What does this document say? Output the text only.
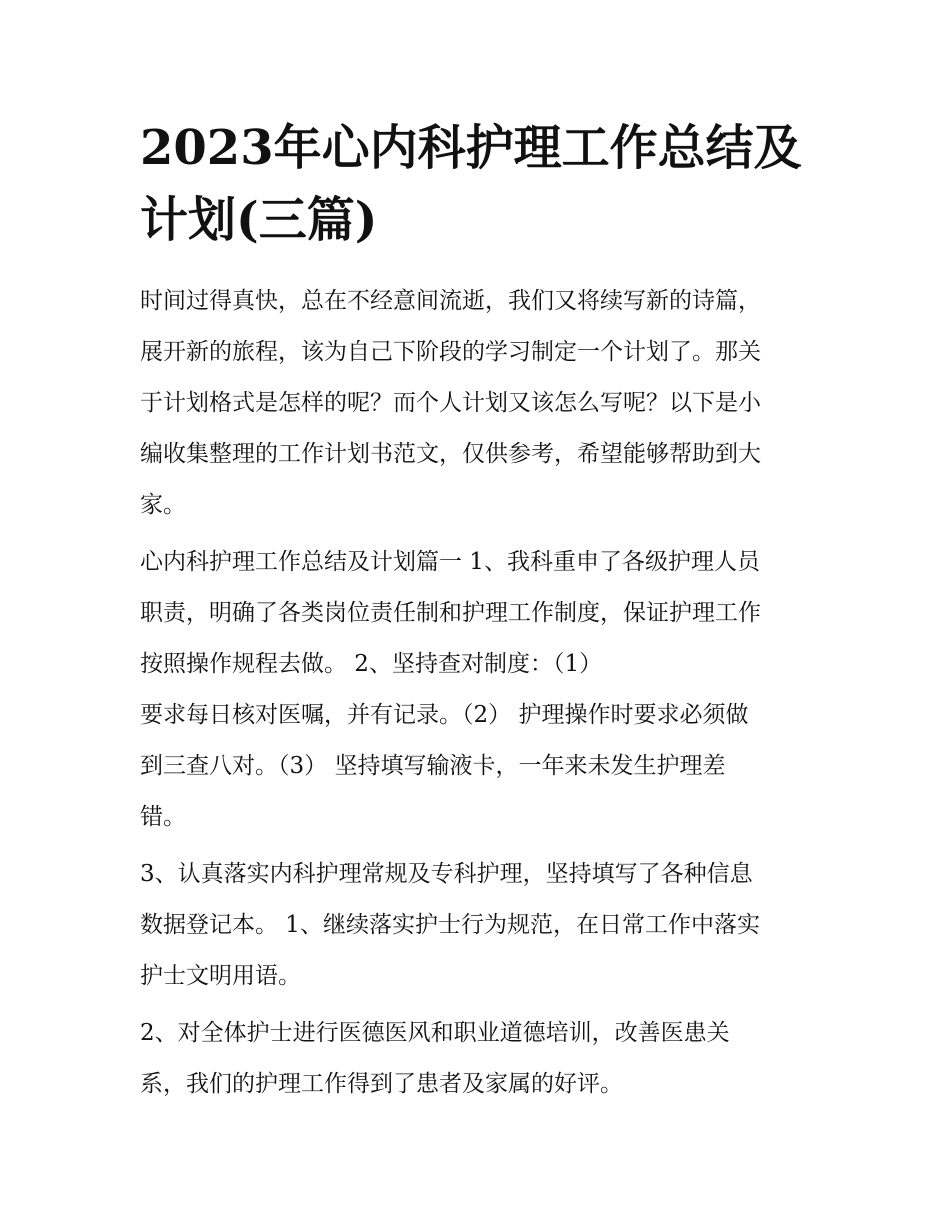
2023年心内科护理工作总结及
计划(三篇)

时间过得真快，总在不经意间流逝，我们又将续写新的诗篇，
展开新的旅程，该为自己下阶段的学习制定一个计划了。那关
于计划格式是怎样的呢？而个人计划又该怎么写呢？以下是小
编收集整理的工作计划书范文，仅供参考，希望能够帮助到大
家。

心内科护理工作总结及计划篇一 1、我科重申了各级护理人员
职责，明确了各类岗位责任制和护理工作制度，保证护理工作
按照操作规程去做。 2、坚持查对制度：（1）
要求每日核对医嘱，并有记录。（2） 护理操作时要求必须做
到三查八对。（3） 坚持填写输液卡，一年来未发生护理差
错。

3、认真落实内科护理常规及专科护理，坚持填写了各种信息
数据登记本。 1、继续落实护士行为规范，在日常工作中落实
护士文明用语。

2、对全体护士进行医德医风和职业道德培训，改善医患关
系，我们的护理工作得到了患者及家属的好评。
